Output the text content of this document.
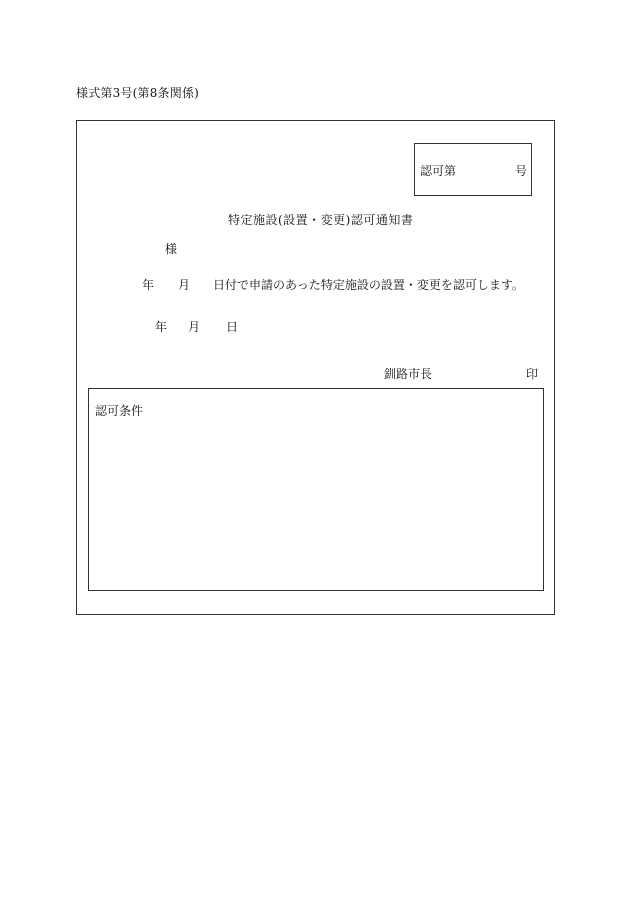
様式第3号(第8条関係)
認可第	号
特定施設(設置・変更)認可通知書
様
年 月 日付で申請のあった特定施設の設置・変更を認可します。
年 月 日
釧路市長	印
認可条件
